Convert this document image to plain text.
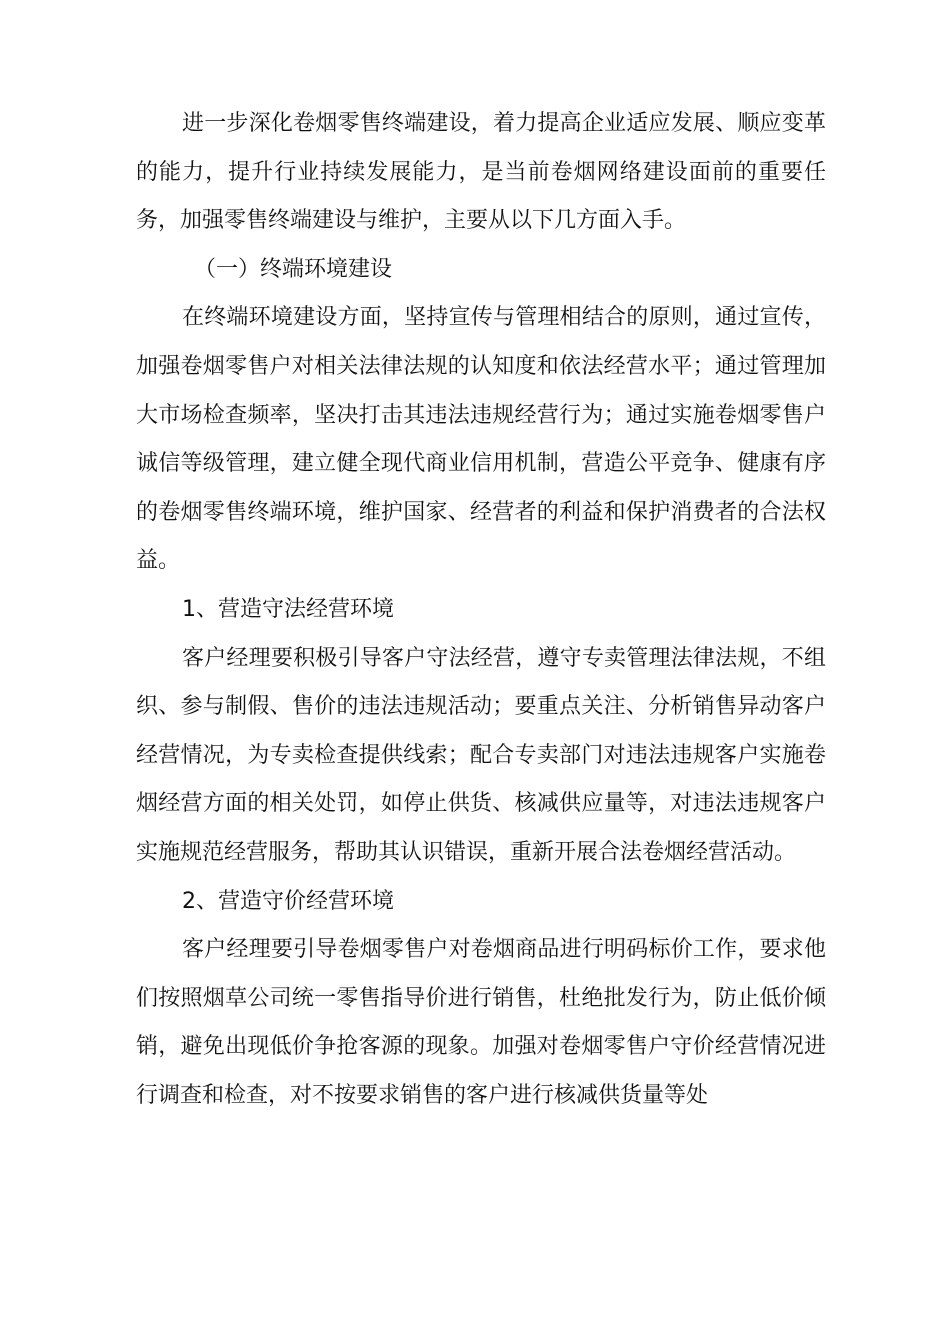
进一步深化卷烟零售终端建设，着力提高企业适应发展、顺应变革的能力，提升行业持续发展能力，是当前卷烟网络建设面前的重要任务，加强零售终端建设与维护，主要从以下几方面入手。

（一）终端环境建设

在终端环境建设方面，坚持宣传与管理相结合的原则，通过宣传，加强卷烟零售户对相关法律法规的认知度和依法经营水平；通过管理加大市场检查频率，坚决打击其违法违规经营行为；通过实施卷烟零售户诚信等级管理，建立健全现代商业信用机制，营造公平竞争、健康有序的卷烟零售终端环境，维护国家、经营者的利益和保护消费者的合法权益。

1、营造守法经营环境

客户经理要积极引导客户守法经营，遵守专卖管理法律法规，不组织、参与制假、售价的违法违规活动；要重点关注、分析销售异动客户经营情况，为专卖检查提供线索；配合专卖部门对违法违规客户实施卷烟经营方面的相关处罚，如停止供货、核减供应量等，对违法违规客户实施规范经营服务，帮助其认识错误，重新开展合法卷烟经营活动。

2、营造守价经营环境

客户经理要引导卷烟零售户对卷烟商品进行明码标价工作，要求他们按照烟草公司统一零售指导价进行销售，杜绝批发行为，防止低价倾销，避免出现低价争抢客源的现象。加强对卷烟零售户守价经营情况进行调查和检查，对不按要求销售的客户进行核减供货量等处
